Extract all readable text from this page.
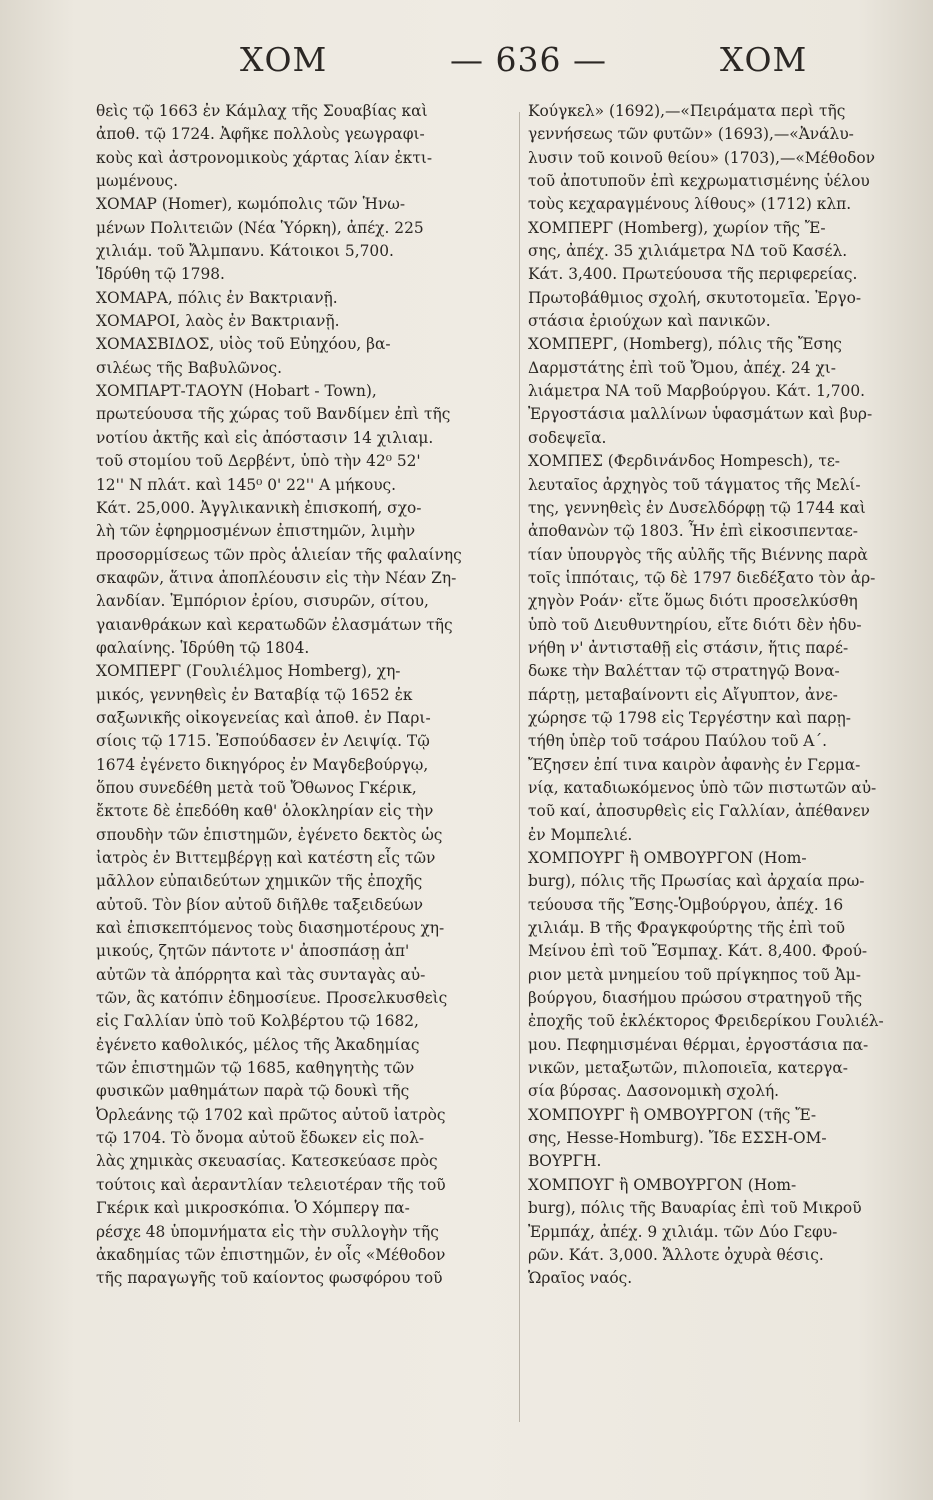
ΧΟΜ	— 636 —	ΧΟΜ
θεὶς τῷ 1663 ἐν Κάμλαχ τῆς Σουαβίας καὶ
ἀποθ. τῷ 1724. Ἀφῆκε πολλοὺς γεωγραφι-
κοὺς καὶ ἀστρονομικοὺς χάρτας λίαν ἐκτι-
μωμένους.
ΧΟΜΑΡ (Homer), κωμόπολις τῶν Ἡνω-
μένων Πολιτειῶν (Νέα Ὑόρκη), ἀπέχ. 225
χιλιάμ. τοῦ Ἄλμπανυ. Κάτοικοι 5,700.
Ἱδρύθη τῷ 1798.
ΧΟΜΑΡΑ, πόλις ἐν Βακτριανῇ.
ΧΟΜΑΡΟΙ, λαὸς ἐν Βακτριανῇ.
ΧΟΜΑΣΒΙΔΟΣ, υἱὸς τοῦ Εὐηχόου, βα-
σιλέως τῆς Βαβυλῶνος.
ΧΟΜΠΑΡΤ-ΤΑΟΥΝ (Hobart - Town),
πρωτεύουσα τῆς χώρας τοῦ Βανδίμεν ἐπὶ τῆς
νοτίου ἀκτῆς καὶ εἰς ἀπόστασιν 14 χιλιαμ.
τοῦ στομίου τοῦ Δερβέντ, ὑπὸ τὴν 42⁰ 52'
12'' Ν πλάτ. καὶ 145⁰ 0' 22'' Α μήκους.
Κάτ. 25,000. Ἀγγλικανικὴ ἐπισκοπή, σχο-
λὴ τῶν ἐφηρμοσμένων ἐπιστημῶν, λιμὴν
προσορμίσεως τῶν πρὸς ἁλιείαν τῆς φαλαίνης
σκαφῶν, ἅτινα ἀποπλέουσιν εἰς τὴν Νέαν Ζη-
λανδίαν. Ἐμπόριον ἐρίου, σισυρῶν, σίτου,
γαιανθράκων καὶ κερατωδῶν ἐλασμάτων τῆς
φαλαίνης. Ἱδρύθη τῷ 1804.
ΧΟΜΠΕΡΓ (Γουλιέλμος Homberg), χη-
μικός, γεννηθεὶς ἐν Βαταβίᾳ τῷ 1652 ἐκ
σαξωνικῆς οἰκογενείας καὶ ἀποθ. ἐν Παρι-
σίοις τῷ 1715. Ἐσπούδασεν ἐν Λειψίᾳ. Τῷ
1674 ἐγένετο δικηγόρος ἐν Μαγδεβούργῳ,
ὅπου συνεδέθη μετὰ τοῦ Ὄθωνος Γκέρικ,
ἔκτοτε δὲ ἐπεδόθη καθ' ὁλοκληρίαν εἰς τὴν
σπουδὴν τῶν ἐπιστημῶν, ἐγένετο δεκτὸς ὡς
ἰατρὸς ἐν Βιττεμβέργῃ καὶ κατέστη εἷς τῶν
μᾶλλον εὐπαιδεύτων χημικῶν τῆς ἐποχῆς
αὐτοῦ. Τὸν βίον αὐτοῦ διῆλθε ταξειδεύων
καὶ ἐπισκεπτόμενος τοὺς διασημοτέρους χη-
μικούς, ζητῶν πάντοτε ν' ἀποσπάσῃ ἀπ'
αὐτῶν τὰ ἀπόρρητα καὶ τὰς συνταγὰς αὐ-
τῶν, ἃς κατόπιν ἐδημοσίευε. Προσελκυσθεὶς
εἰς Γαλλίαν ὑπὸ τοῦ Κολβέρτου τῷ 1682,
ἐγένετο καθολικός, μέλος τῆς Ἀκαδημίας
τῶν ἐπιστημῶν τῷ 1685, καθηγητὴς τῶν
φυσικῶν μαθημάτων παρὰ τῷ δουκὶ τῆς
Ὀρλεάνης τῷ 1702 καὶ πρῶτος αὐτοῦ ἰατρὸς
τῷ 1704. Τὸ ὄνομα αὐτοῦ ἔδωκεν εἰς πολ-
λὰς χημικὰς σκευασίας. Κατεσκεύασε πρὸς
τούτοις καὶ ἀεραντλίαν τελειοτέραν τῆς τοῦ
Γκέρικ καὶ μικροσκόπια. Ὁ Χόμπεργ πα-
ρέσχε 48 ὑπομνήματα εἰς τὴν συλλογὴν τῆς
ἀκαδημίας τῶν ἐπιστημῶν, ἐν οἷς «Μέθοδον
τῆς παραγωγῆς τοῦ καίοντος φωσφόρου τοῦ
Κούγκελ» (1692),—«Πειράματα περὶ τῆς
γεννήσεως τῶν φυτῶν» (1693),—«Ἀνάλυ-
λυσιν τοῦ κοινοῦ θείου» (1703),—«Μέθοδον
τοῦ ἀποτυποῦν ἐπὶ κεχρωματισμένης ὑέλου
τοὺς κεχαραγμένους λίθους» (1712) κλπ.
ΧΟΜΠΕΡΓ (Homberg), χωρίον τῆς Ἔ-
σης, ἀπέχ. 35 χιλιάμετρα ΝΔ τοῦ Κασέλ.
Κάτ. 3,400. Πρωτεύουσα τῆς περιφερείας.
Πρωτοβάθμιος σχολή, σκυτοτομεῖα. Ἐργο-
στάσια ἐριούχων καὶ πανικῶν.
ΧΟΜΠΕΡΓ, (Homberg), πόλις τῆς Ἔσης
Δαρμστάτης ἐπὶ τοῦ Ὄμου, ἀπέχ. 24 χι-
λιάμετρα ΝΑ τοῦ Μαρβούργου. Κάτ. 1,700.
Ἐργοστάσια μαλλίνων ὑφασμάτων καὶ βυρ-
σοδεψεῖα.
ΧΟΜΠΕΣ (Φερδινάνδος Hompesch), τε-
λευταῖος ἀρχηγὸς τοῦ τάγματος τῆς Μελί-
της, γεννηθεὶς ἐν Δυσελδόρφῃ τῷ 1744 καὶ
ἀποθανὼν τῷ 1803. Ἦν ἐπὶ εἰκοσιπενταε-
τίαν ὑπουργὸς τῆς αὐλῆς τῆς Βιέννης παρὰ
τοῖς ἱππόταις, τῷ δὲ 1797 διεδέξατο τὸν ἀρ-
χηγὸν Ροάν· εἴτε ὅμως διότι προσελκύσθη
ὑπὸ τοῦ Διευθυντηρίου, εἴτε διότι δὲν ἠδυ-
νήθη ν' ἀντισταθῇ εἰς στάσιν, ἥτις παρέ-
δωκε τὴν Βαλέτταν τῷ στρατηγῷ Βονα-
πάρτῃ, μεταβαίνοντι εἰς Αἴγυπτον, ἀνε-
χώρησε τῷ 1798 εἰς Τεργέστην καὶ παρῃ-
τήθη ὑπὲρ τοῦ τσάρου Παύλου τοῦ Α΄.
Ἔζησεν ἐπί τινα καιρὸν ἀφανὴς ἐν Γερμα-
νίᾳ, καταδιωκόμενος ὑπὸ τῶν πιστωτῶν αὐ-
τοῦ καί, ἀποσυρθεὶς εἰς Γαλλίαν, ἀπέθανεν
ἐν Μομπελιέ.
ΧΟΜΠΟΥΡΓ ἢ ΟΜΒΟΥΡΓΟΝ (Hom-
burg), πόλις τῆς Πρωσίας καὶ ἀρχαία πρω-
τεύουσα τῆς Ἔσης-Ὁμβούργου, ἀπέχ. 16
χιλιάμ. Β τῆς Φραγκφούρτης τῆς ἐπὶ τοῦ
Μείνου ἐπὶ τοῦ Ἔσμπαχ. Κάτ. 8,400. Φρού-
ριον μετὰ μνημείου τοῦ πρίγκηπος τοῦ Ἀμ-
βούργου, διασήμου πρώσου στρατηγοῦ τῆς
ἐποχῆς τοῦ ἐκλέκτορος Φρειδερίκου Γουλιέλ-
μου. Πεφημισμέναι θέρμαι, ἐργοστάσια πα-
νικῶν, μεταξωτῶν, πιλοποιεῖα, κατεργα-
σία βύρσας. Δασονομικὴ σχολή.
ΧΟΜΠΟΥΡΓ ἢ ΟΜΒΟΥΡΓΟΝ (τῆς Ἔ-
σης, Hesse-Homburg). Ἴδε ΕΣΣΗ-ΟΜ-
ΒΟΥΡΓΗ.
ΧΟΜΠΟΥΓ ἢ ΟΜΒΟΥΡΓΟΝ (Hom-
burg), πόλις τῆς Βαυαρίας ἐπὶ τοῦ Μικροῦ
Ἐρμπάχ, ἀπέχ. 9 χιλιάμ. τῶν Δύο Γεφυ-
ρῶν. Κάτ. 3,000. Ἄλλοτε ὀχυρὰ θέσις.
Ὡραῖος ναός.
